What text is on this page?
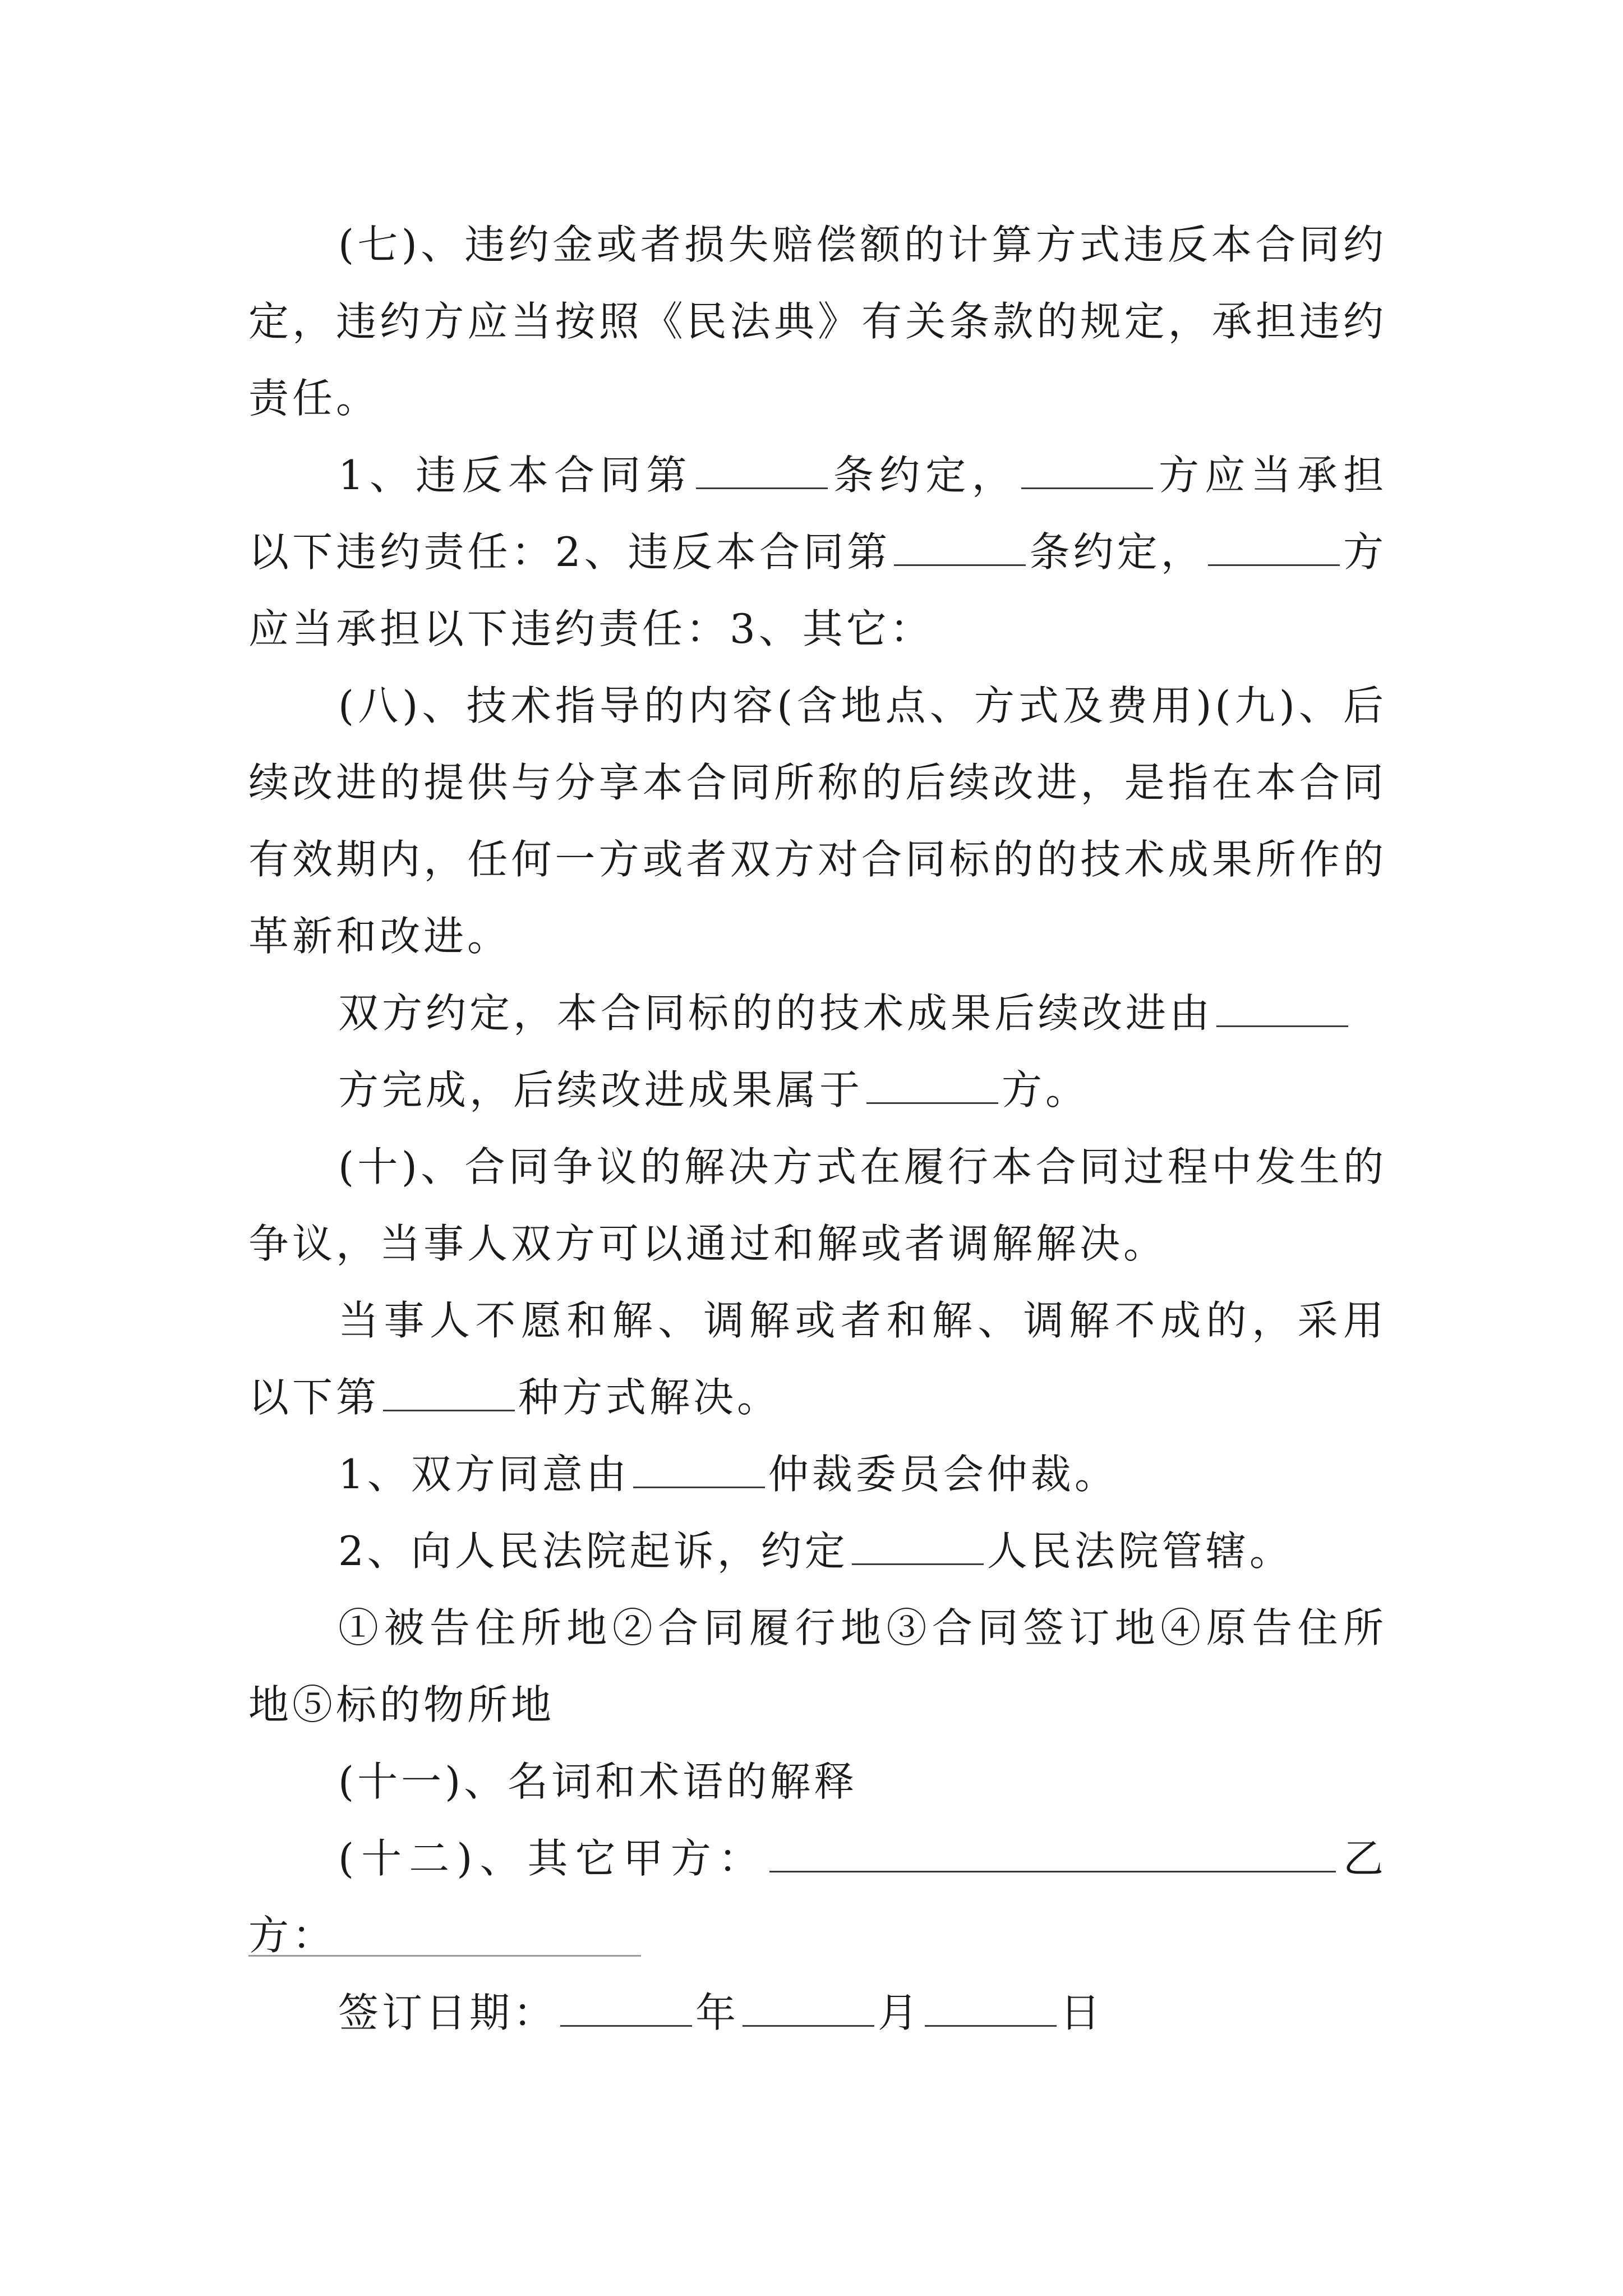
(七)、违约金或者损失赔偿额的计算方式违反本合同约定，违约方应当按照《民法典》有关条款的规定，承担违约责任。

1、违反本合同第	条约定，	方应当承担以下违约责任：2、违反本合同第	条约定，	方应当承担以下违约责任：3、其它：

(八)、技术指导的内容(含地点、方式及费用)(九)、后续改进的提供与分享本合同所称的后续改进，是指在本合同有效期内，任何一方或者双方对合同标的的技术成果所作的革新和改进。

双方约定，本合同标的的技术成果后续改进由

方完成，后续改进成果属于	方。

(十)、合同争议的解决方式在履行本合同过程中发生的争议，当事人双方可以通过和解或者调解解决。

当事人不愿和解、调解或者和解、调解不成的，采用以下第	种方式解决。

1、双方同意由	仲裁委员会仲裁。

2、向人民法院起诉，约定	人民法院管辖。

①被告住所地②合同履行地③合同签订地④原告住所地⑤标的物所地

(十一)、名词和术语的解释

(十二)、其它甲方：	乙方：

签订日期：	年	月	日
